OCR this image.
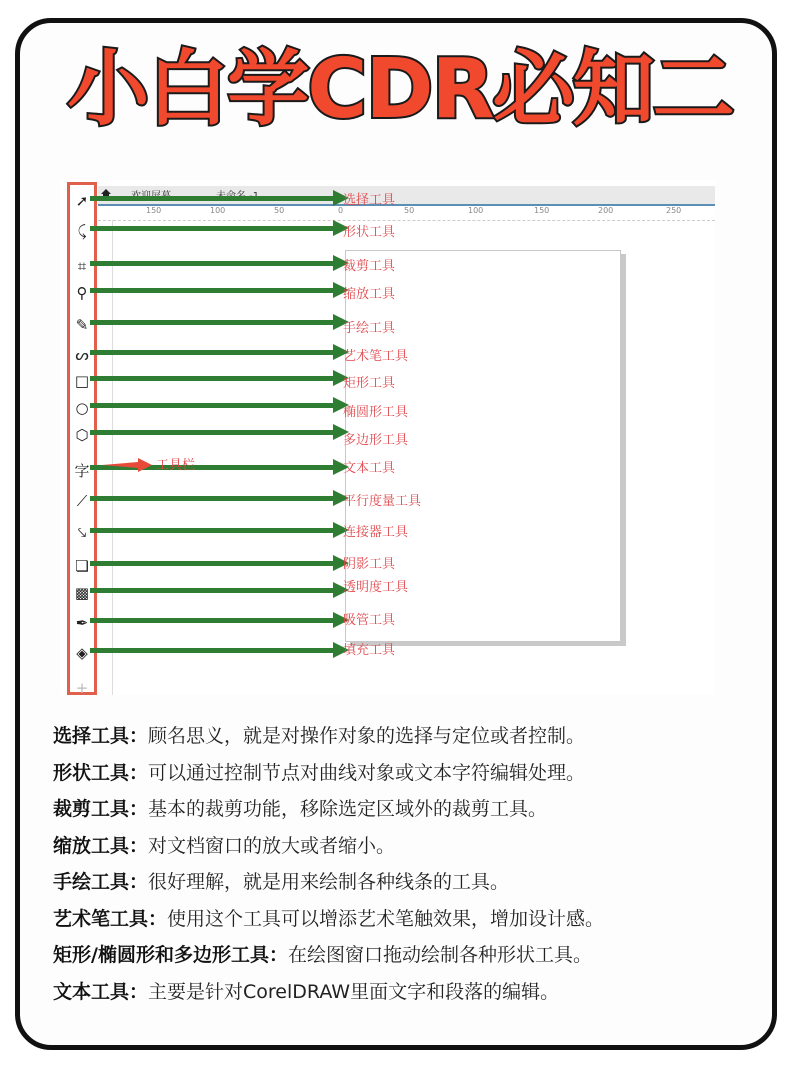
小白学CDR必知二
150	100	50	0	50	100	150	200	250
➚
⤹
⌗
⚲
✎
ᔕ
□
○
⬡
字
⟋
⤥
❏
▩
✒
◈
+
选择工具
形状工具
裁剪工具
缩放工具
手绘工具
艺术笔工具
矩形工具
椭圆形工具
多边形工具
文本工具
平行度量工具
连接器工具
阴影工具
透明度工具
吸管工具
填充工具
工具栏
选择工具：顾名思义，就是对操作对象的选择与定位或者控制。
形状工具：可以通过控制节点对曲线对象或文本字符编辑处理。
裁剪工具：基本的裁剪功能，移除选定区域外的裁剪工具。
缩放工具：对文档窗口的放大或者缩小。
手绘工具：很好理解，就是用来绘制各种线条的工具。
艺术笔工具：使用这个工具可以增添艺术笔触效果，增加设计感。
矩形/椭圆形和多边形工具：在绘图窗口拖动绘制各种形状工具。
文本工具：主要是针对CorelDRAW里面文字和段落的编辑。
